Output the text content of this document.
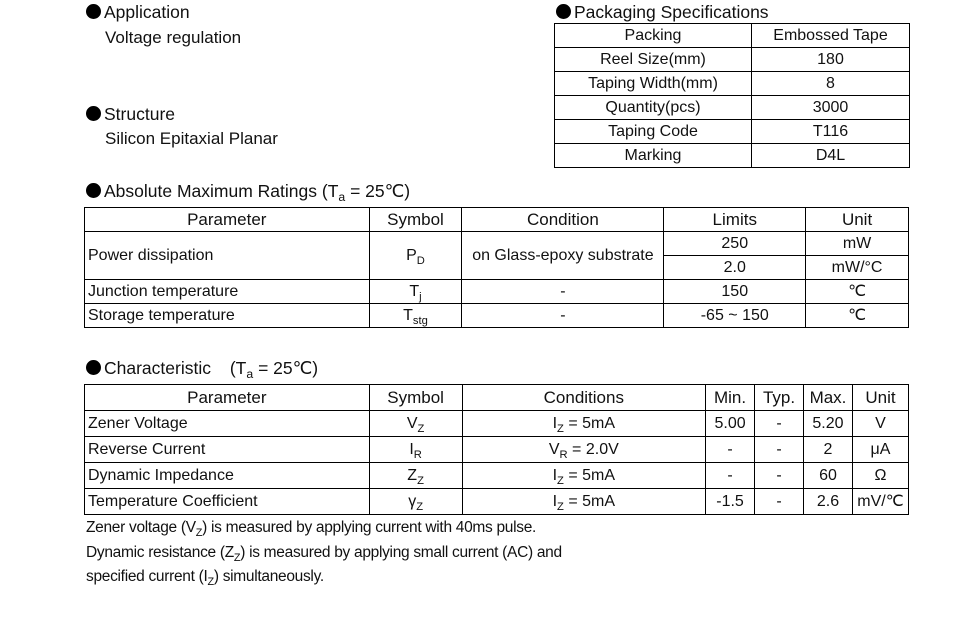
Application
Voltage regulation
Structure
Silicon Epitaxial Planar
Packaging Specifications
Packing	Embossed Tape
Reel Size(mm)	180
Taping Width(mm)	8
Quantity(pcs)	3000
Taping Code	T116
Marking	D4L
Absolute Maximum Ratings ($T_a$ = 25℃)
Parameter	Symbol	Condition	Limits	Unit
Power dissipation	$P_D$	on Glass-epoxy substrate	250	mW
			2.0	mW/°C
Junction temperature	$T_j$	-	150	℃
Storage temperature	$T_{stg}$	-	-65 ~ 150	℃
Characteristic ($T_a$ = 25℃)
Parameter	Symbol	Conditions	Min.	Typ.	Max.	Unit
Zener Voltage	$V_Z$	$I_Z = 5mA$	5.00	-	5.20	V
Reverse Current	$I_R$	$V_R = 2.0V$	-	-	2	μA
Dynamic Impedance	$Z_Z$	$I_Z = 5mA$	-	-	60	Ω
Temperature Coefficient	$\gamma_Z$	$I_Z = 5mA$	-1.5	-	2.6	mV/℃
Zener voltage $(V_Z)$ is measured by applying current with 40ms pulse.
Dynamic resistance $(Z_Z)$ is measured by applying small current (AC) and
specified current $(I_Z)$ simultaneously.
